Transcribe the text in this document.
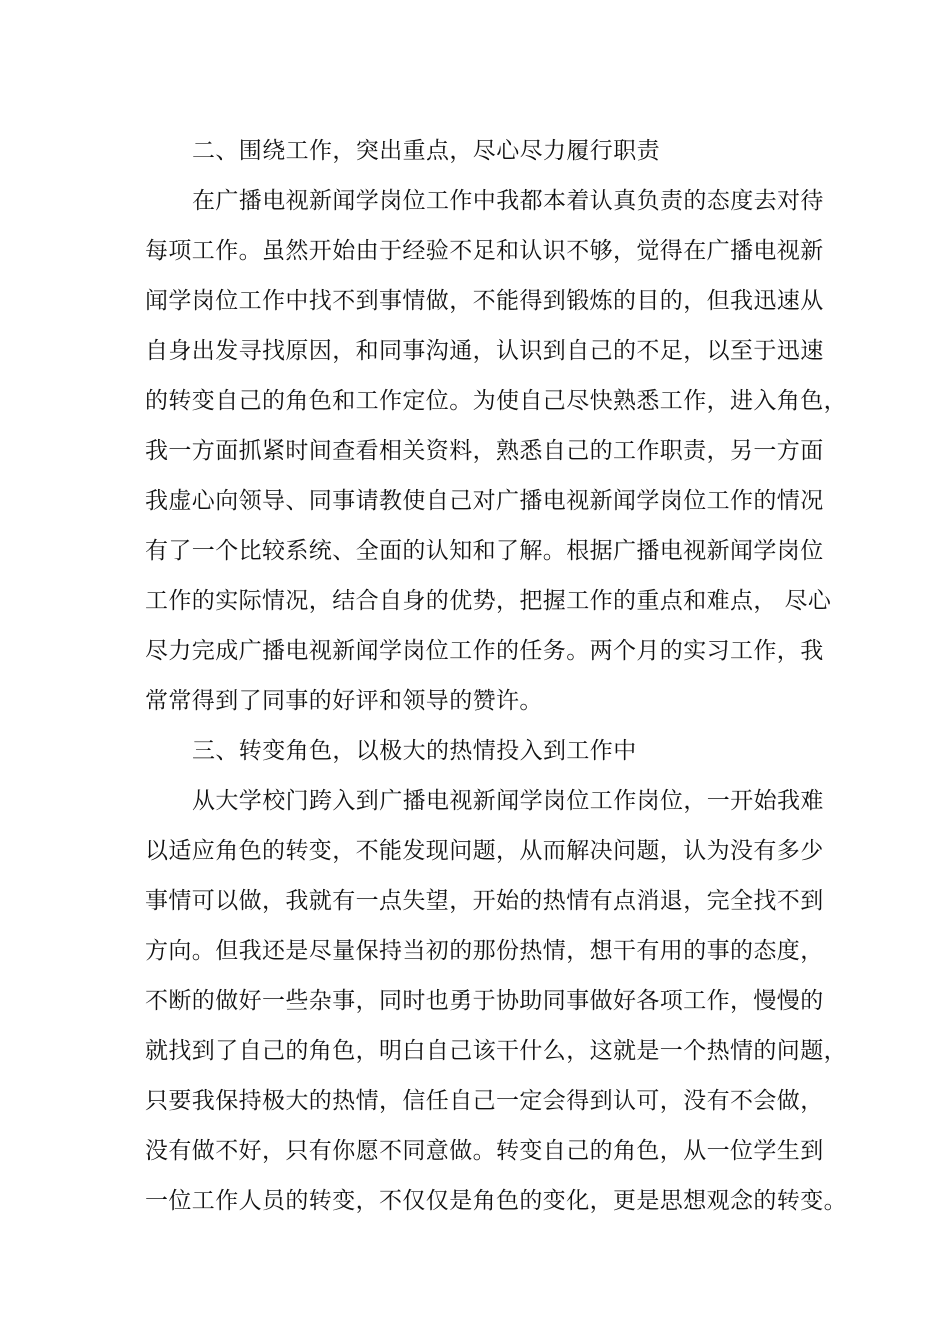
二、围绕工作，突出重点，尽心尽力履行职责
在广播电视新闻学岗位工作中我都本着认真负责的态度去对待
每项工作。虽然开始由于经验不足和认识不够，觉得在广播电视新
闻学岗位工作中找不到事情做，不能得到锻炼的目的，但我迅速从
自身出发寻找原因，和同事沟通，认识到自己的不足，以至于迅速
的转变自己的角色和工作定位。为使自己尽快熟悉工作，进入角色，
我一方面抓紧时间查看相关资料，熟悉自己的工作职责，另一方面
我虚心向领导、同事请教使自己对广播电视新闻学岗位工作的情况
有了一个比较系统、全面的认知和了解。根据广播电视新闻学岗位
工作的实际情况，结合自身的优势，把握工作的重点和难点， 尽心
尽力完成广播电视新闻学岗位工作的任务。两个月的实习工作，我
常常得到了同事的好评和领导的赞许。
三、转变角色，以极大的热情投入到工作中
从大学校门跨入到广播电视新闻学岗位工作岗位，一开始我难
以适应角色的转变，不能发现问题，从而解决问题，认为没有多少
事情可以做，我就有一点失望，开始的热情有点消退，完全找不到
方向。但我还是尽量保持当初的那份热情，想干有用的事的态度，
不断的做好一些杂事，同时也勇于协助同事做好各项工作，慢慢的
就找到了自己的角色，明白自己该干什么，这就是一个热情的问题，
只要我保持极大的热情，信任自己一定会得到认可，没有不会做，
没有做不好，只有你愿不同意做。转变自己的角色，从一位学生到
一位工作人员的转变，不仅仅是角色的变化，更是思想观念的转变。
